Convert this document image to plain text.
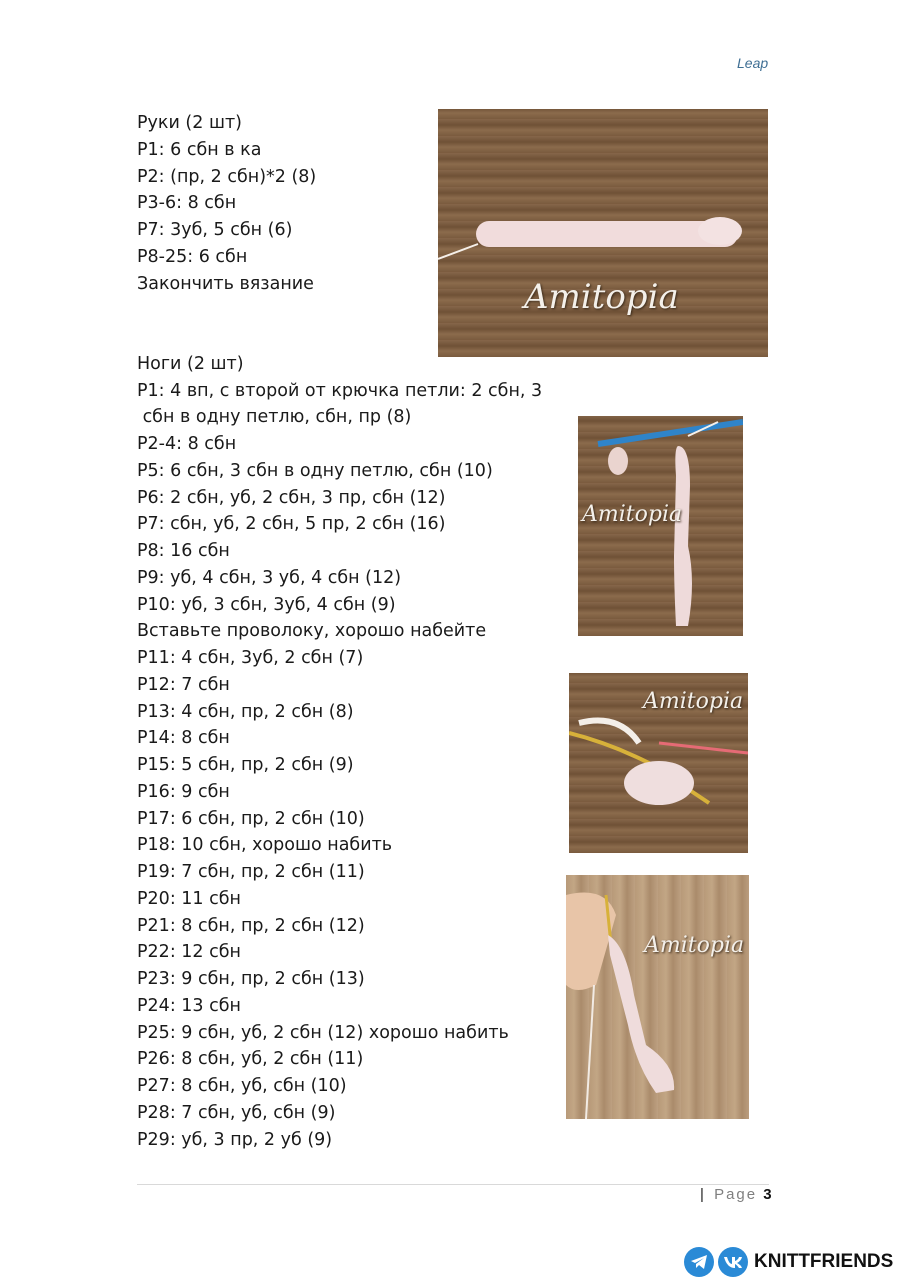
Leap
Руки (2 шт)
Р1: 6 сбн в ка
Р2: (пр, 2 сбн)*2 (8)
Р3-6: 8 сбн
Р7: 3уб, 5 сбн (6)
Р8-25: 6 сбн
Закончить вязание
Ноги (2 шт)
Р1: 4 вп, с второй от крючка петли: 2 сбн, 3
сбн в одну петлю, сбн, пр (8)
Р2-4: 8 сбн
Р5: 6 сбн, 3 сбн в одну петлю, сбн (10)
Р6: 2 сбн, уб, 2 сбн, 3 пр, сбн (12)
Р7: сбн, уб, 2 сбн, 5 пр, 2 сбн (16)
Р8: 16 сбн
Р9: уб, 4 сбн, 3 уб, 4 сбн (12)
Р10: уб, 3 сбн, 3уб, 4 сбн (9)
Вставьте проволоку, хорошо набейте
Р11: 4 сбн, 3уб, 2 сбн (7)
Р12: 7 сбн
Р13: 4 сбн, пр, 2 сбн (8)
Р14: 8 сбн
Р15: 5 сбн, пр, 2 сбн (9)
Р16: 9 сбн
Р17: 6 сбн, пр, 2 сбн (10)
Р18: 10 сбн, хорошо набить
Р19: 7 сбн, пр, 2 сбн (11)
Р20: 11 сбн
Р21: 8 сбн, пр, 2 сбн (12)
Р22: 12 сбн
Р23: 9 сбн, пр, 2 сбн (13)
Р24: 13 сбн
Р25: 9 сбн, уб, 2 сбн (12) хорошо набить
Р26: 8 сбн, уб, 2 сбн (11)
Р27: 8 сбн, уб, сбн (10)
Р28: 7 сбн, уб, сбн (9)
Р29: уб, 3 пр, 2 уб (9)
Amitopia
Amitopia
Amitopia
Amitopia
| Page 3
KNITTFRIENDS
